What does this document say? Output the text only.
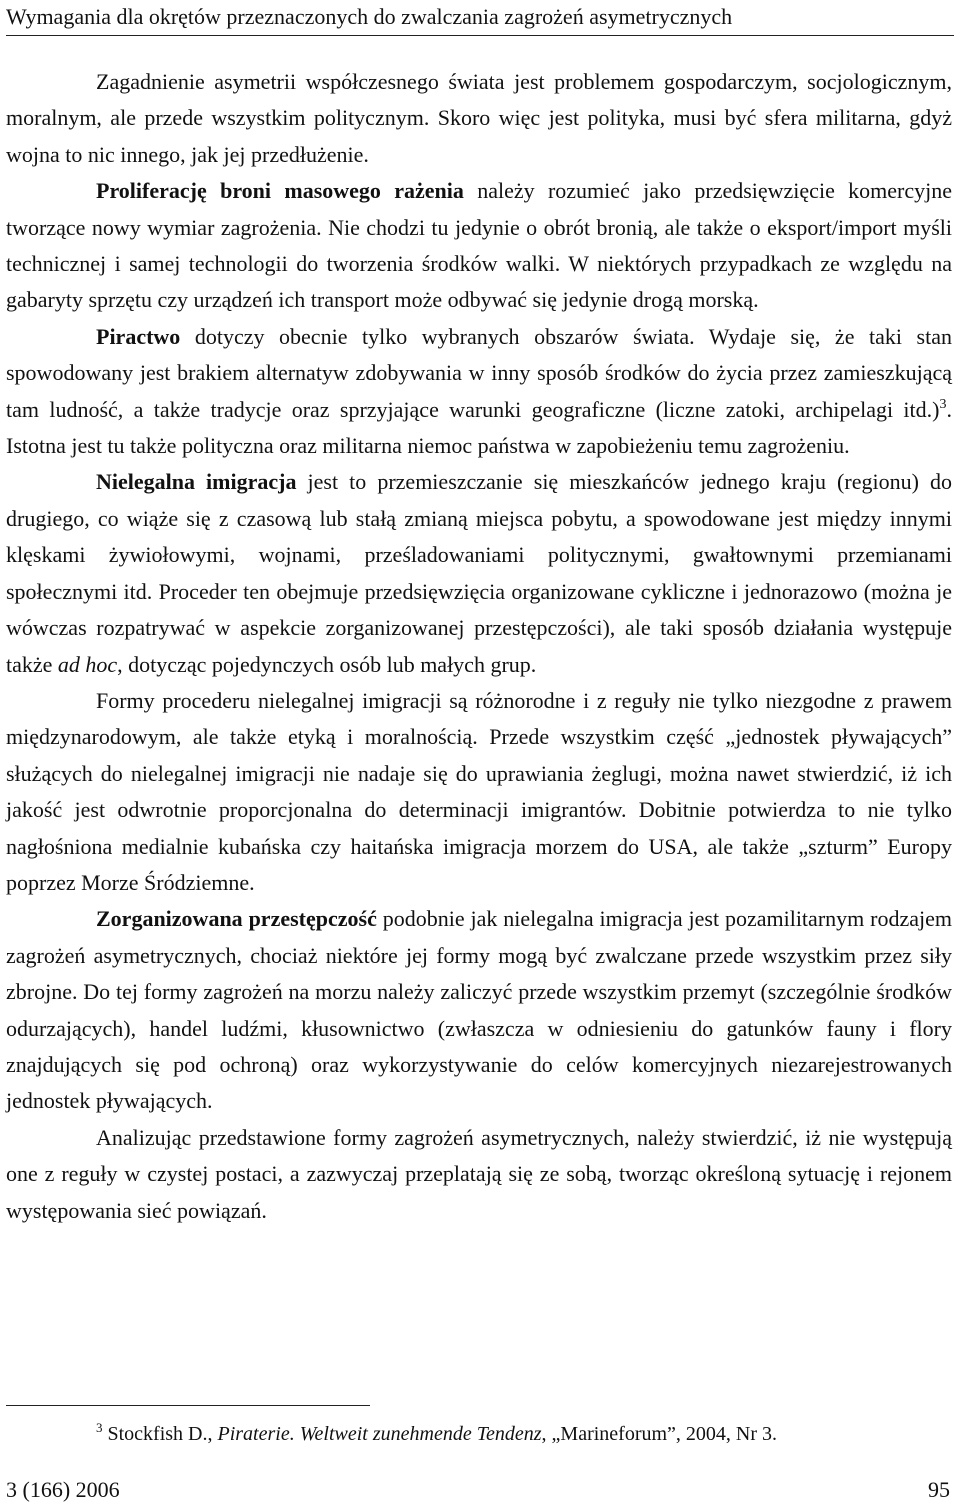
Wymagania dla okrętów przeznaczonych do zwalczania zagrożeń asymetrycznych

Zagadnienie asymetrii współczesnego świata jest problemem gospodarczym, socjologicznym, moralnym, ale przede wszystkim politycznym. Skoro więc jest polityka, musi być sfera militarna, gdyż wojna to nic innego, jak jej przedłużenie.

Proliferację broni masowego rażenia należy rozumieć jako przedsięwzięcie komercyjne tworzące nowy wymiar zagrożenia. Nie chodzi tu jedynie o obrót bronią, ale także o eksport/import myśli technicznej i samej technologii do tworzenia środków walki. W niektórych przypadkach ze względu na gabaryty sprzętu czy urządzeń ich transport może odbywać się jedynie drogą morską.

Piractwo dotyczy obecnie tylko wybranych obszarów świata. Wydaje się, że taki stan spowodowany jest brakiem alternatyw zdobywania w inny sposób środków do życia przez zamieszkującą tam ludność, a także tradycje oraz sprzyjające warunki geograficzne (liczne zatoki, archipelagi itd.)$^3$. Istotna jest tu także polityczna oraz militarna niemoc państwa w zapobieżeniu temu zagrożeniu.

Nielegalna imigracja jest to przemieszczanie się mieszkańców jednego kraju (regionu) do drugiego, co wiąże się z czasową lub stałą zmianą miejsca pobytu, a spowodowane jest między innymi klęskami żywiołowymi, wojnami, prześladowaniami politycznymi, gwałtownymi przemianami społecznymi itd. Proceder ten obejmuje przedsięwzięcia organizowane cykliczne i jednorazowo (można je wówczas rozpatrywać w aspekcie zorganizowanej przestępczości), ale taki sposób działania występuje także ad hoc, dotycząc pojedynczych osób lub małych grup.

Formy procederu nielegalnej imigracji są różnorodne i z reguły nie tylko niezgodne z prawem międzynarodowym, ale także etyką i moralnością. Przede wszystkim część „jednostek pływających” służących do nielegalnej imigracji nie nadaje się do uprawiania żeglugi, można nawet stwierdzić, iż ich jakość jest odwrotnie proporcjonalna do determinacji imigrantów. Dobitnie potwierdza to nie tylko nagłośniona medialnie kubańska czy haitańska imigracja morzem do USA, ale także „szturm” Europy poprzez Morze Śródziemne.

Zorganizowana przestępczość podobnie jak nielegalna imigracja jest pozamilitarnym rodzajem zagrożeń asymetrycznych, chociaż niektóre jej formy mogą być zwalczane przede wszystkim przez siły zbrojne. Do tej formy zagrożeń na morzu należy zaliczyć przede wszystkim przemyt (szczególnie środków odurzających), handel ludźmi, kłusownictwo (zwłaszcza w odniesieniu do gatunków fauny i flory znajdujących się pod ochroną) oraz wykorzystywanie do celów komercyjnych niezarejestrowanych jednostek pływających.

Analizując przedstawione formy zagrożeń asymetrycznych, należy stwierdzić, iż nie występują one z reguły w czystej postaci, a zazwyczaj przeplatają się ze sobą, tworząc określoną sytuację i rejonem występowania sieć powiązań.

$^3$ Stockfish D., Piraterie. Weltweit zunehmende Tendenz, „Marineforum”, 2004, Nr 3.
3 (166) 2006	95
